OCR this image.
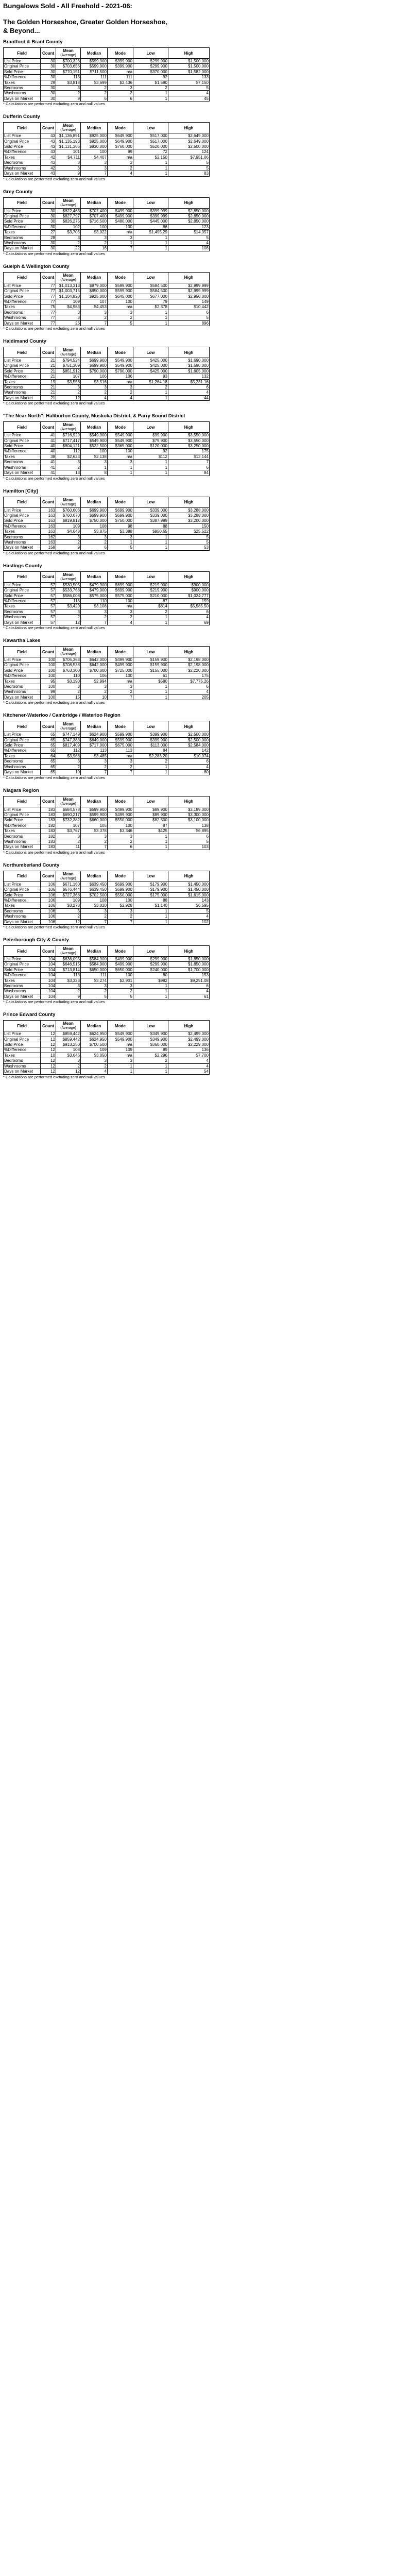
Bungalows Sold - All Freehold - 2021-06:
The Golden Horseshoe, Greater Golden Horseshoe,
& Beyond...
Brantford & Brant County
Field	Count	Mean
(Average)	Median	Mode	Low	High
List Price	30	$700,323	$599,900	$399,900	$299,900	$1,500,000
Original Price	30	$703,656	$599,900	$399,900	$299,900	$1,500,000
Sold Price	30	$770,151	$711,500	n/a	$370,000	$1,582,000
%Difference	30	113	111	111	92	133
Taxes	29	$3,818	$3,699	$2,436	$1,590	$7,150
Bedrooms	30	3	2	3	2	5
Washrooms	30	2	2	2	1	4
Days on Market	30	9	6	6	1	45
* Calculations are performed excluding zero and null values
Dufferin County
Field	Count	Mean
(Average)	Median	Mode	Low	High
List Price	43	$1,136,891	$925,000	$649,900	$517,000	$2,649,000
Original Price	43	$1,135,193	$925,000	$649,900	$517,000	$2,649,000
Sold Price	43	$1,131,366	$930,000	$760,000	$520,000	$2,500,000
%Difference	43	101	100	99	72	124
Taxes	42	$4,711	$4,407	n/a	$2,150	$7,951.06
Bedrooms	43	3	3	3	1	5
Washrooms	42	3	3	2	1	5
Days on Market	43	9	7	4	1	83
* Calculations are performed excluding zero and null values
Grey County
Field	Count	Mean
(Average)	Median	Mode	Low	High
List Price	30	$822,463	$707,400	$499,900	$399,999	$2,850,000
Original Price	30	$827,797	$707,400	$499,900	$399,999	$2,850,000
Sold Price	30	$826,275	$716,500	$480,000	$445,000	$2,850,000
%Difference	30	102	100	100	86	123
Taxes	27	$3,705	$3,022	n/a	$1,495.29	$14,357
Bedrooms	28	3	3	3	1	5
Washrooms	30	2	2	1	1	4
Days on Market	30	22	16	7	1	108
* Calculations are performed excluding zero and null values
Guelph & Wellington County
Field	Count	Mean
(Average)	Median	Mode	Low	High
List Price	77	$1,013,313	$879,000	$599,900	$584,500	$2,999,999
Original Price	77	$1,003,715	$850,000	$599,900	$584,500	$2,999,999
Sold Price	77	$1,104,820	$925,000	$645,000	$677,000	$2,950,000
%Difference	77	109	107	100	79	149
Taxes	75	$4,983	$4,453	n/a	$2,378	$10,442
Bedrooms	77	3	3	3	1	6
Washrooms	77	3	2	2	1	5
Days on Market	77	26	7	5	1	896
* Calculations are performed excluding zero and null values
Haldimand County
Field	Count	Mean
(Average)	Median	Mode	Low	High
List Price	21	$794,524	$699,900	$549,900	$425,000	$1,690,000
Original Price	21	$751,309	$699,900	$549,900	$425,000	$1,690,000
Sold Price	21	$851,912	$790,000	$790,000	$425,000	$1,605,000
%Difference	21	107	106	106	93	132
Taxes	19	$3,556	$3,516	n/a	$1,264.18	$5,231.16
Bedrooms	21	3	3	3	2	6
Washrooms	21	2	2	2	1	4
Days on Market	21	12	4	4	1	44
* Calculations are performed excluding zero and null values
"The Near North": Haliburton County, Muskoka District, & Parry Sound District
Field	Count	Mean
(Average)	Median	Mode	Low	High
List Price	41	$716,929	$549,900	$549,900	$99,900	$3,550,000
Original Price	41	$717,417	$549,900	$549,900	$79,900	$3,550,000
Sold Price	40	$804,121	$522,500	$365,000	$120,000	$3,250,000
%Difference	40	112	100	100	92	175
Taxes	38	$2,623	$2,138	n/a	$112	$12,144
Bedrooms	41	3	3	3	1	7
Washrooms	41	2	1	1	1	6
Days on Market	41	13	8	1	1	84
* Calculations are performed excluding zero and null values
Hamilton [City]
Field	Count	Mean
(Average)	Median	Mode	Low	High
List Price	163	$760,606	$699,900	$699,900	$339,000	$3,288,000
Original Price	163	$760,670	$699,900	$699,900	$339,000	$3,288,000
Sold Price	163	$819,812	$750,000	$750,000	$387,999	$3,200,000
%Difference	163	109	108	98	88	150
Taxes	163	$4,648	$3,875	$3,388	$950.65	$25,522
Bedrooms	162	3	3	3	1	5
Washrooms	163	2	2	1	1	5
Days on Market	158	9	6	5	1	53
* Calculations are performed excluding zero and null values
Hastings County
Field	Count	Mean
(Average)	Median	Mode	Low	High
List Price	57	$530,505	$479,900	$699,900	$219,900	$900,000
Original Price	57	$533,768	$479,900	$699,900	$219,900	$900,000
Sold Price	57	$586,008	$575,000	$575,000	$210,000	$1,024,777
%Difference	57	113	110	100	87	159
Taxes	57	$3,420	$3,108	n/a	$814	$5,585.50
Bedrooms	57	3	3	3	2	6
Washrooms	57	2	2	2	1	4
Days on Market	57	12	7	4	1	69
* Calculations are performed excluding zero and null values
Kawartha Lakes
Field	Count	Mean
(Average)	Median	Mode	Low	High
List Price	100	$705,363	$642,000	$499,900	$159,900	$2,198,000
Original Price	100	$708,538	$642,000	$499,900	$159,900	$2,198,000
Sold Price	100	$763,300	$700,000	$725,000	$155,000	$2,220,000
%Difference	100	110	106	100	61	175
Taxes	95	$3,190	$2,994	n/a	$580	$7,775.26
Bedrooms	100	3	3	3	1	6
Washrooms	99	2	2	2	1	4
Days on Market	100	15	10	7	1	205
* Calculations are performed excluding zero and null values
Kitchener-Waterloo / Cambridge / Waterloo Region
Field	Count	Mean
(Average)	Median	Mode	Low	High
List Price	65	$747,149	$624,900	$599,900	$399,900	$2,500,000
Original Price	65	$747,383	$649,000	$599,900	$399,900	$2,500,000
Sold Price	65	$817,409	$717,000	$675,000	$113,000	$2,584,000
%Difference	65	112	113	113	84	142
Taxes	64	$3,968	$3,485	n/a	$2,283.20	$10,074
Bedrooms	65	3	3	3	2	6
Washrooms	65	2	2	2	1	4
Days on Market	65	10	7	7	1	80
* Calculations are performed excluding zero and null values
Niagara Region
Field	Count	Mean
(Average)	Median	Mode	Low	High
List Price	183	$684,578	$599,900	$499,900	$89,900	$3,199,000
Original Price	183	$690,217	$599,900	$499,900	$89,900	$3,300,000
Sold Price	183	$732,382	$660,000	$550,000	$82,500	$3,100,000
%Difference	182	107	105	100	87	138
Taxes	183	$3,767	$3,378	$3,346	$425	$6,895
Bedrooms	182	3	3	3	1	6
Washrooms	183	2	2	2	1	5
Days on Market	183	11	7	6	1	103
* Calculations are performed excluding zero and null values
Northumberland County
Field	Count	Mean
(Average)	Median	Mode	Low	High
List Price	106	$671,160	$639,450	$699,900	$179,900	$1,450,000
Original Price	106	$676,444	$639,450	$699,900	$179,900	$1,450,000
Sold Price	106	$727,368	$702,500	$550,000	$175,000	$1,615,000
%Difference	106	109	108	100	88	143
Taxes	106	$3,273	$3,020	$2,928	$1,140	$6,595
Bedrooms	106	3	3	3	1	5
Washrooms	106	2	2	2	1	4
Days on Market	106	12	7	7	1	102
* Calculations are performed excluding zero and null values
Peterborough City & County
Field	Count	Mean
(Average)	Median	Mode	Low	High
List Price	104	$636,095	$584,900	$499,900	$299,900	$1,850,000
Original Price	104	$646,515	$584,900	$499,900	$299,900	$1,850,000
Sold Price	104	$713,814	$650,000	$650,000	$240,000	$1,700,000
%Difference	104	113	111	100	80	153
Taxes	104	$3,323	$3,274	$2,901	$982	$9,251.08
Bedrooms	104	3	3	3	1	6
Washrooms	104	2	2	2	1	4
Days on Market	104	9	5	5	1	61
* Calculations are performed excluding zero and null values
Prince Edward County
Field	Count	Mean
(Average)	Median	Mode	Low	High
List Price	12	$859,442	$624,950	$549,900	$349,900	$2,499,000
Original Price	12	$859,442	$624,950	$549,900	$349,900	$2,499,000
Sold Price	12	$913,250	$700,500	n/a	$360,000	$2,229,000
%Difference	12	108	109	109	89	136
Taxes	10	$3,646	$3,050	n/a	$2,296	$7,700
Bedrooms	12	3	3	3	2	4
Washrooms	12	2	2	1	1	4
Days on Market	12	12	4	1	1	54
* Calculations are performed excluding zero and null values
